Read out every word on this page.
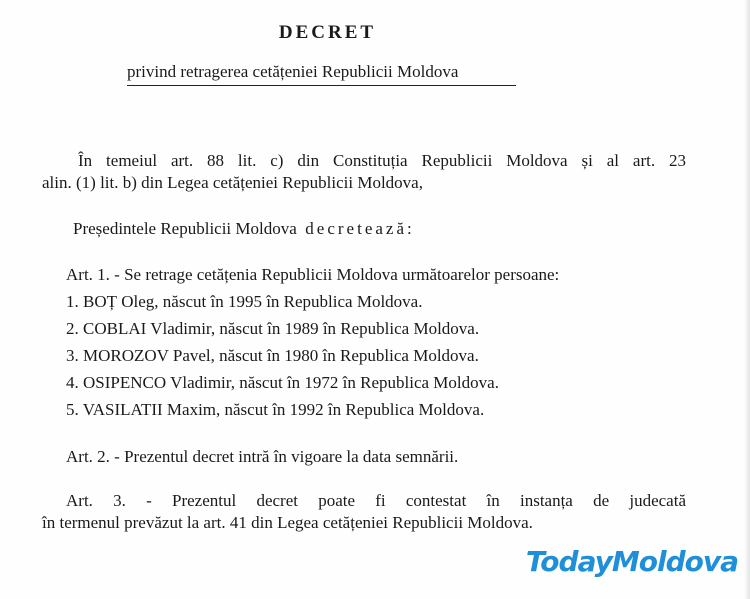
DECRET
privind retragerea cetățeniei Republicii Moldova
În temeiul art. 88 lit. c) din Constituția Republicii Moldova și al art. 23
alin. (1) lit. b) din Legea cetățeniei Republicii Moldova,
Președintele Republicii Moldova decretează:
Art. 1. - Se retrage cetățenia Republicii Moldova următoarelor persoane:
1. BOȚ Oleg, născut în 1995 în Republica Moldova.
2. COBLAI Vladimir, născut în 1989 în Republica Moldova.
3. MOROZOV Pavel, născut în 1980 în Republica Moldova.
4. OSIPENCO Vladimir, născut în 1972 în Republica Moldova.
5. VASILATII Maxim, născut în 1992 în Republica Moldova.
Art. 2. - Prezentul decret intră în vigoare la data semnării.
Art. 3. - Prezentul decret poate fi contestat în instanța de judecată
în termenul prevăzut la art. 41 din Legea cetățeniei Republicii Moldova.
TodayMoldova
